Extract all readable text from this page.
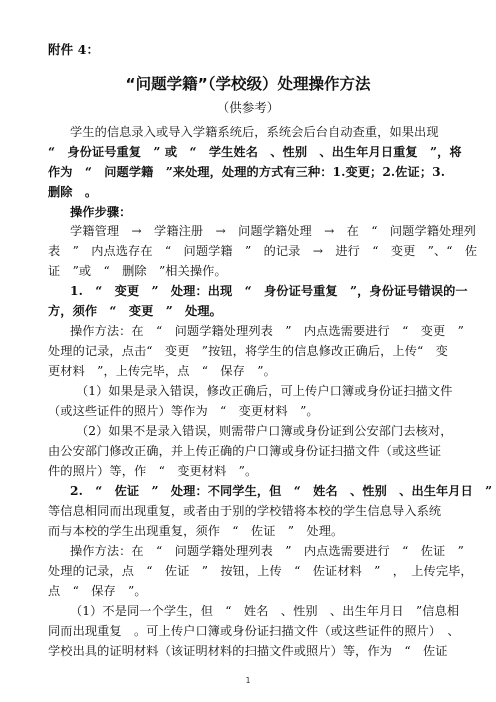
附件 4：
“问题学籍”（学校级）处理操作方法
（供参考）
学生的信息录入或导入学籍系统后，系统会后台自动查重，如果出现
“　身份证号重复　” 或　“　学生姓名　、性别　、出生年月日重复　”，将
作为　“　问题学籍　”来处理，处理的方式有三种：1.变更；2.佐证；3.
删除　。
操作步骤：
学籍管理　→　学籍注册　→　问题学籍处理　→　在　“　问题学籍处理列
表　”　内点选存在　“　问题学籍　”　的记录　→　进行　“　变更　”、“　佐
证　”或　“　删除　”相关操作。
1.　“　变更　”　处理：出现　“　身份证号重复　”，身份证号错误的一
方，须作　“　变更　”　处理。
操作方法：在　“　问题学籍处理列表　”　内点选需要进行　“　变更　”
处理的记录，点击“　变更　”按钮，将学生的信息修改正确后，上传“　变
更材料　”，上传完毕，点　“　保存　”。
（1）如果是录入错误，修改正确后，可上传户口簿或身份证扫描文件
（或这些证件的照片）等作为　“　变更材料　”。
（2）如果不是录入错误，则需带户口簿或身份证到公安部门去核对，
由公安部门修改正确，并上传正确的户口簿或身份证扫描文件（或这些证
件的照片）等，作　“　变更材料　”。
2.　“　佐证　”　处理：不同学生，但　“　姓名　、性别　、出生年月日　”
等信息相同而出现重复，或者由于别的学校错将本校的学生信息导入系统
而与本校的学生出现重复，须作　“　佐证　”　处理。
操作方法：在　“　问题学籍处理列表　”　内点选需要进行　“　佐证　”
处理的记录，点　“　佐证　”　按钮，上传　“　佐证材料　”　，　上传完毕，
点　“　保存　”。
（1）不是同一个学生，但　“　姓名　、性别　、出生年月日　”信息相
同而出现重复　。可上传户口簿或身份证扫描文件（或这些证件的照片）　、
学校出具的证明材料（该证明材料的扫描文件或照片）等，作为　“　佐证
1
